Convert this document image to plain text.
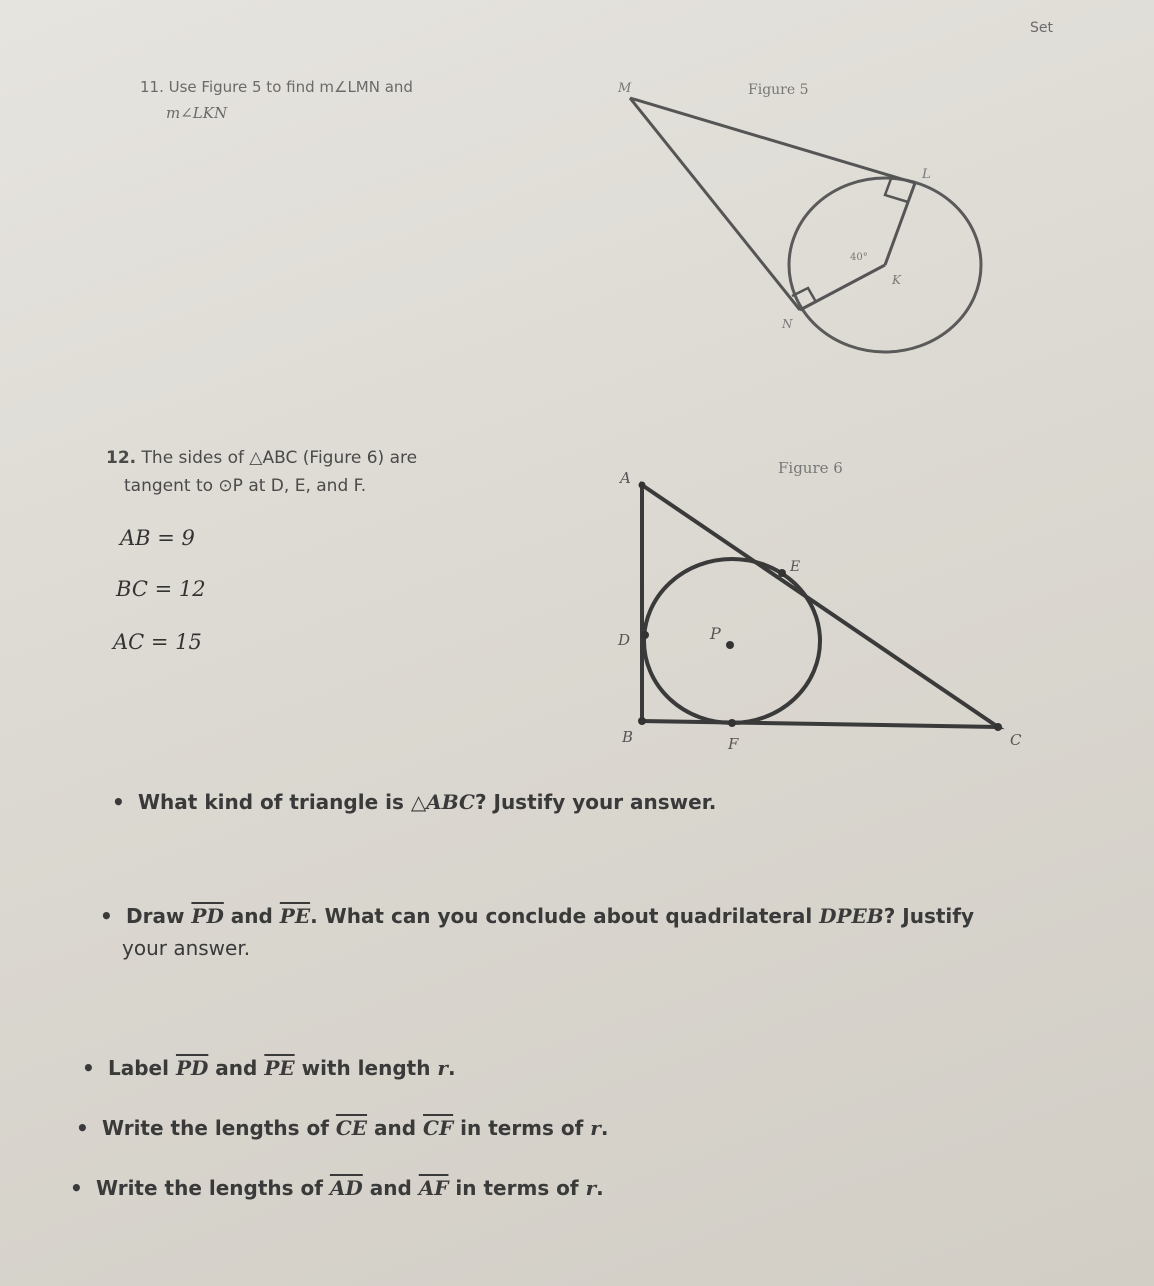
Set
11. Use Figure 5 to find m∠LMN and
m∠LKN
Figure 5
M
L
K
N
40°
12. The sides of △ABC (Figure 6) are
tangent to ⊙P at D, E, and F.
AB = 9
BC = 12
AC = 15
Figure 6
A
B	C
D
E
F
P
• What kind of triangle is △ABC? Justify your answer.
• Draw $\overline{PD}$ and $\overline{PE}$. What can you conclude about quadrilateral DPEB? Justify
your answer.
• Label $\overline{PD}$ and $\overline{PE}$ with length r.
• Write the lengths of $\overline{CE}$ and $\overline{CF}$ in terms of r.
• Write the lengths of $\overline{AD}$ and $\overline{AF}$ in terms of r.
